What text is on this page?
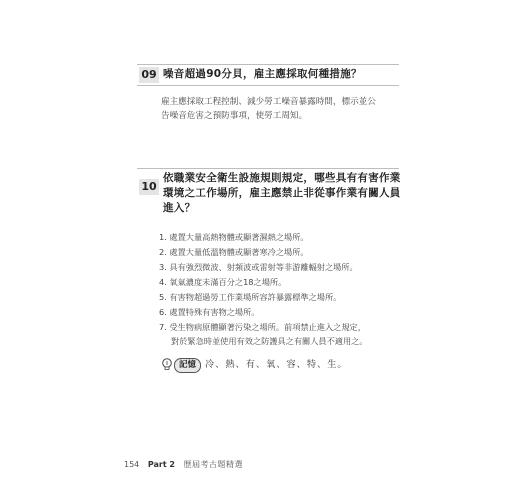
09 噪音超過90分貝，雇主應採取何種措施？
雇主應採取工程控制、減少勞工噪音暴露時間，標示並公
告噪音危害之預防事項，使勞工周知。
10
依職業安全衛生設施規則規定，哪些具有有害作業
環境之工作場所，雇主應禁止非從事作業有關人員
進入？
1. 處置大量高熱物體或顯著濕熱之場所。
2. 處置大量低溫物體或顯著寒冷之場所。
3. 具有強烈微波、射頻波或雷射等非游離輻射之場所。
4. 氧氣濃度未滿百分之18之場所。
5. 有害物超過勞工作業場所容許暴露標準之場所。
6. 處置特殊有害物之場所。
7. 受生物病原體顯著污染之場所。前項禁止進入之規定，
對於緊急時並使用有效之防護具之有關人員不適用之。
記憶 冷、熱、有、氧、容、特、生。
154 Part 2 歷屆考古題精選
